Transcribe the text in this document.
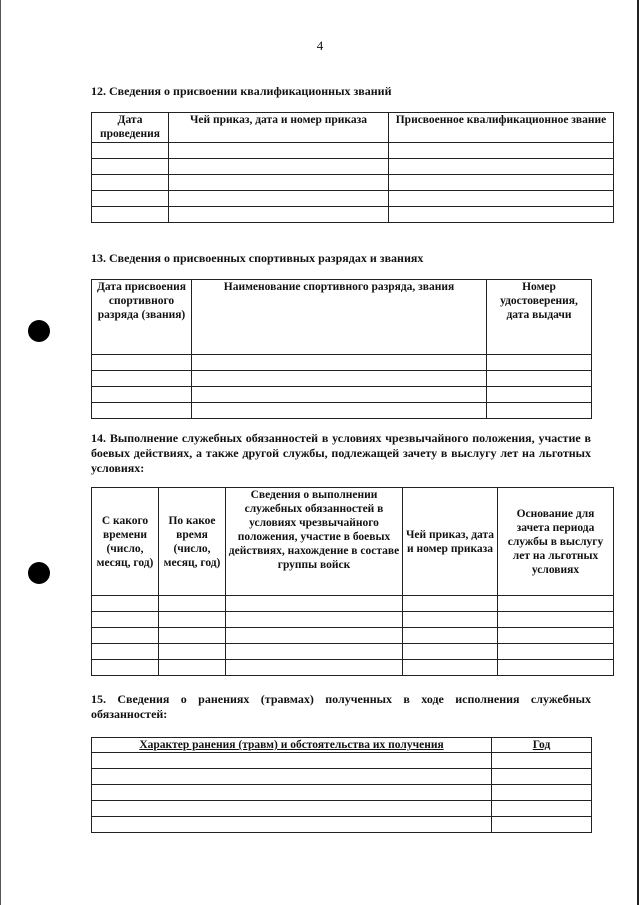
4
12. Сведения о присвоении квалификационных званий
Дата проведения	Чей приказ, дата и номер приказа	Присвоенное квалификационное звание

13. Сведения о присвоенных спортивных разрядах и званиях
Дата присвоения спортивного разряда (звания)	Наименование спортивного разряда, звания	Номер удостоверения, дата выдачи

14. Выполнение служебных обязанностей в условиях чрезвычайного положения, участие в боевых действиях, а также другой службы, подлежащей зачету в выслугу лет на льготных условиях:
С какого времени (число, месяц, год)	По какое время (число, месяц, год)	Сведения о выполнении служебных обязанностей в условиях чрезвычайного положения, участие в боевых действиях, нахождение в составе группы войск	Чей приказ, дата и номер приказа	Основание для зачета периода службы в выслугу лет на льготных условиях

15. Сведения о ранениях (травмах) полученных в ходе исполнения служебных обязанностей:
Характер ранения (травм) и обстоятельства их получения	Год
